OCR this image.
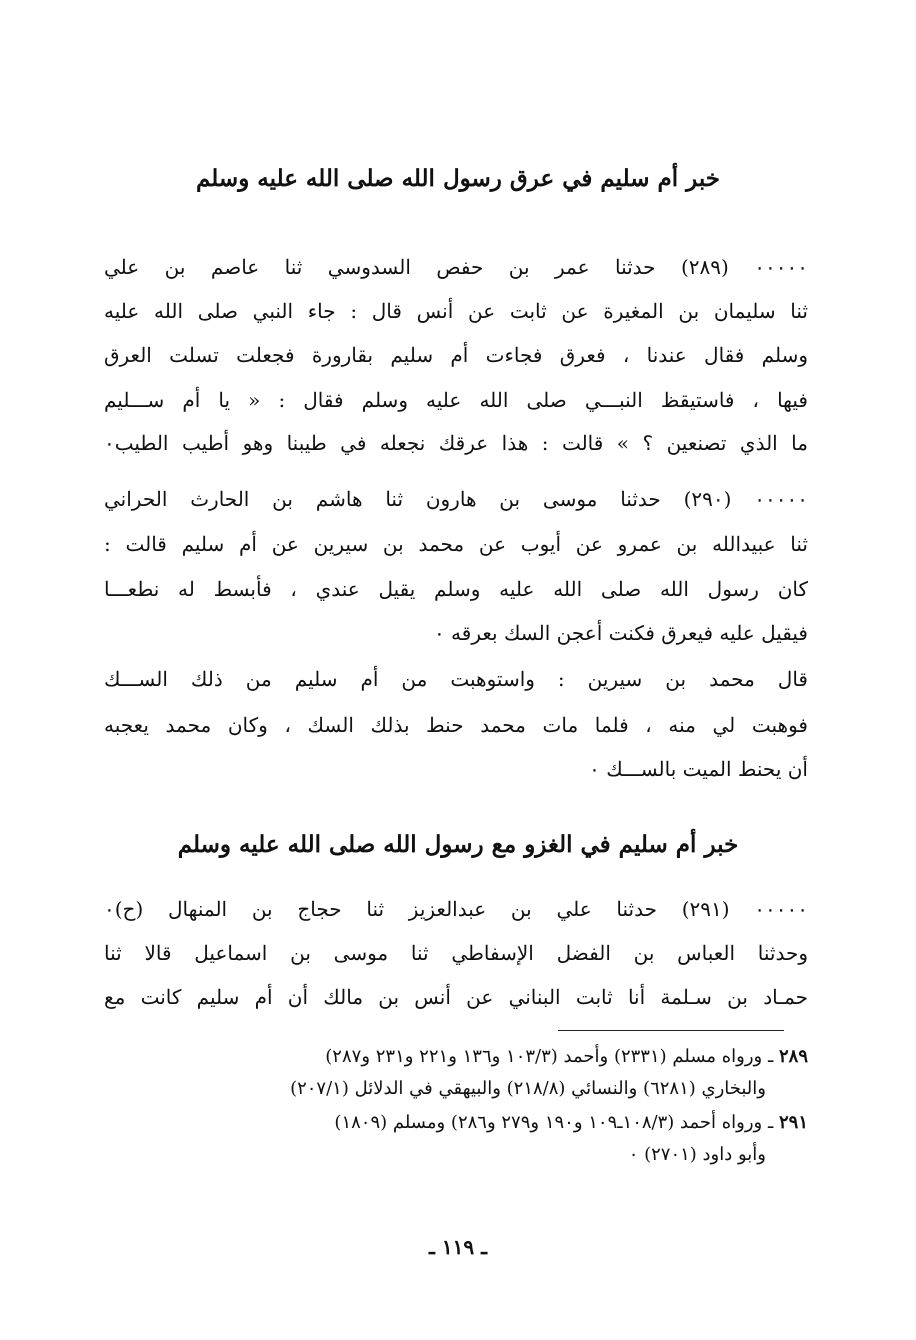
خبر أم سليم في عرق رسول الله صلى الله عليه وسلم
٠٠٠٠٠ (٢٨٩) حدثنا عمر بن حفص السدوسي ثنا عاصم بن علي
ثنا سليمان بن المغيرة عن ثابت عن أنس قال : جاء النبي صلى الله عليه
وسلم فقال عندنا ، فعرق فجاءت أم سليم بقارورة فجعلت تسلت العرق
فيها ، فاستيقظ النبـــي صلى الله عليه وسلم فقال : « يا أم ســـليم
ما الذي تصنعين ؟ » قالت : هذا عرقك نجعله في طيبنا وهو أطيب الطيب٠
٠٠٠٠٠ (٢٩٠) حدثنا موسى بن هارون ثنا هاشم بن الحارث الحراني
ثنا عبيدالله بن عمرو عن أيوب عن محمد بن سيرين عن أم سليم قالت :
كان رسول الله صلى الله عليه وسلم يقيل عندي ، فأبسط له نطعـــا
فيقيل عليه فيعرق فكنت أعجن السك بعرقه ٠
قال محمد بن سيرين : واستوهبت من أم سليم من ذلك الســـك
فوهبت لي منه ، فلما مات محمد حنط بذلك السك ، وكان محمد يعجبه
أن يحنط الميت بالســـك ٠
خبر أم سليم في الغزو مع رسول الله صلى الله عليه وسلم
٠٠٠٠٠ (٢٩١) حدثنا علي بن عبدالعزيز ثنا حجاج بن المنهال (ح)٠
وحدثنا العباس بن الفضل الإسفاطي ثنا موسى بن اسماعيل قالا ثنا
حمـاد بن سـلمة أنا ثابت البناني عن أنس بن مالك أن أم سليم كانت مع
٢٨٩ ـ ورواه مسلم (٢٣٣١) وأحمد (١٠٣/٣ و١٣٦ و٢٢١ و٢٣١ و٢٨٧)
والبخاري (٦٢٨١) والنسائي (٢١٨/٨) والبيهقي في الدلائل (٢٠٧/١)
٢٩١ ـ ورواه أحمد (١٠٨/٣ـ١٠٩ و١٩٠ و٢٧٩ و٢٨٦) ومسلم (١٨٠٩)
وأبو داود (٢٧٠١) ٠
ـ ١١٩ ـ
